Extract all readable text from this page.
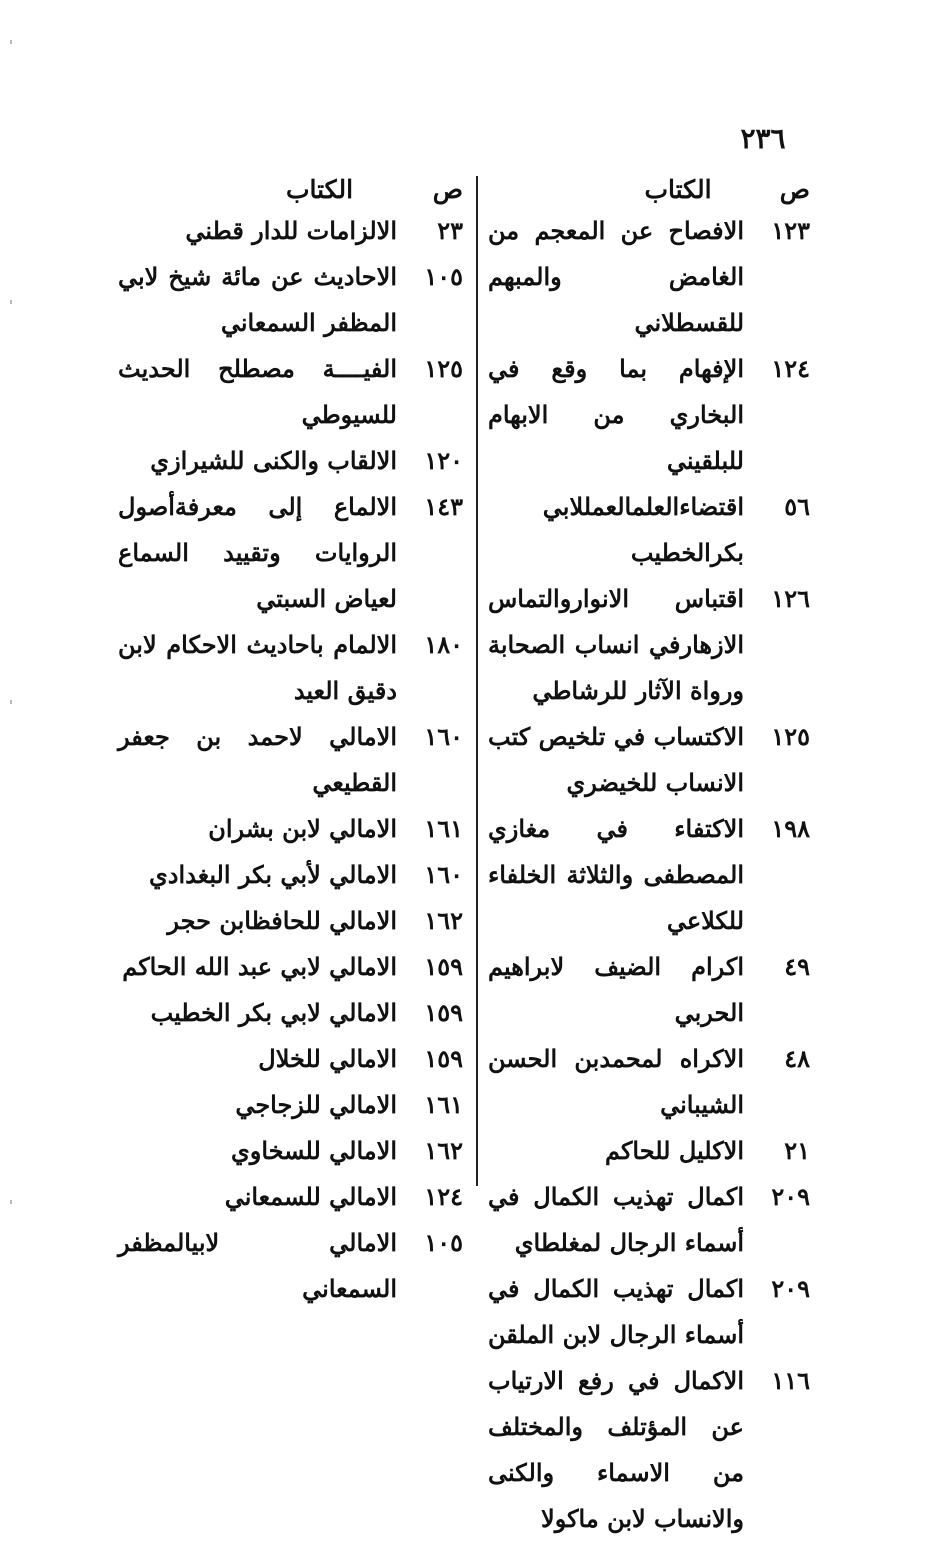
٢٣٦
ص
الكتاب
١٢٣
الافصاح عن المعجم من الغامض والمبهم للقسطلاني
١٢٤
الإفهام بما وقع في البخاري من الابهام للبلقيني
٥٦
اقتضاءالعلمالعمللابي بكرالخطيب
١٢٦
اقتباس الانواروالتماس الازهارفي انساب الصحابة ورواة الآثار للرشاطي
١٢٥
الاكتساب في تلخيص كتب الانساب للخيضري
١٩٨
الاكتفاء في مغازي المصطفى والثلاثة الخلفاء للكلاعي
٤٩
اكرام الضيف لابراهيم الحربي
٤٨
الاكراه لمحمدبن الحسن الشيباني
٢١
الاكليل للحاكم
٢٠٩
اكمال تهذيب الكمال في أسماء الرجال لمغلطاي
٢٠٩
اكمال تهذيب الكمال في أسماء الرجال لابن الملقن
١١٦
الاكمال في رفع الارتياب عن المؤتلف والمختلف من الاسماء والكنى والانساب لابن ماكولا
ص
الكتاب
٢٣
الالزامات للدار قطني
١٠٥
الاحاديث عن مائة شيخ لابي المظفر السمعاني
١٢٥
الفيــــة مصطلح الحديث للسيوطي
١٢٠
الالقاب والكنى للشيرازي
١٤٣
الالماع إلى معرفةأصول الروايات وتقييد السماع لعياض السبتي
١٨٠
الالمام باحاديث الاحكام لابن دقيق العيد
١٦٠
الامالي لاحمد بن جعفر القطيعي
١٦١
الامالي لابن بشران
١٦٠
الامالي لأبي بكر البغدادي
١٦٢
الامالي للحافظابن حجر
١٥٩
الامالي لابي عبد الله الحاكم
١٥٩
الامالي لابي بكر الخطيب
١٥٩
الامالي للخلال
١٦١
الامالي للزجاجي
١٦٢
الامالي للسخاوي
١٢٤
الامالي للسمعاني
١٠٥
الامالي لابيالمظفر السمعاني
